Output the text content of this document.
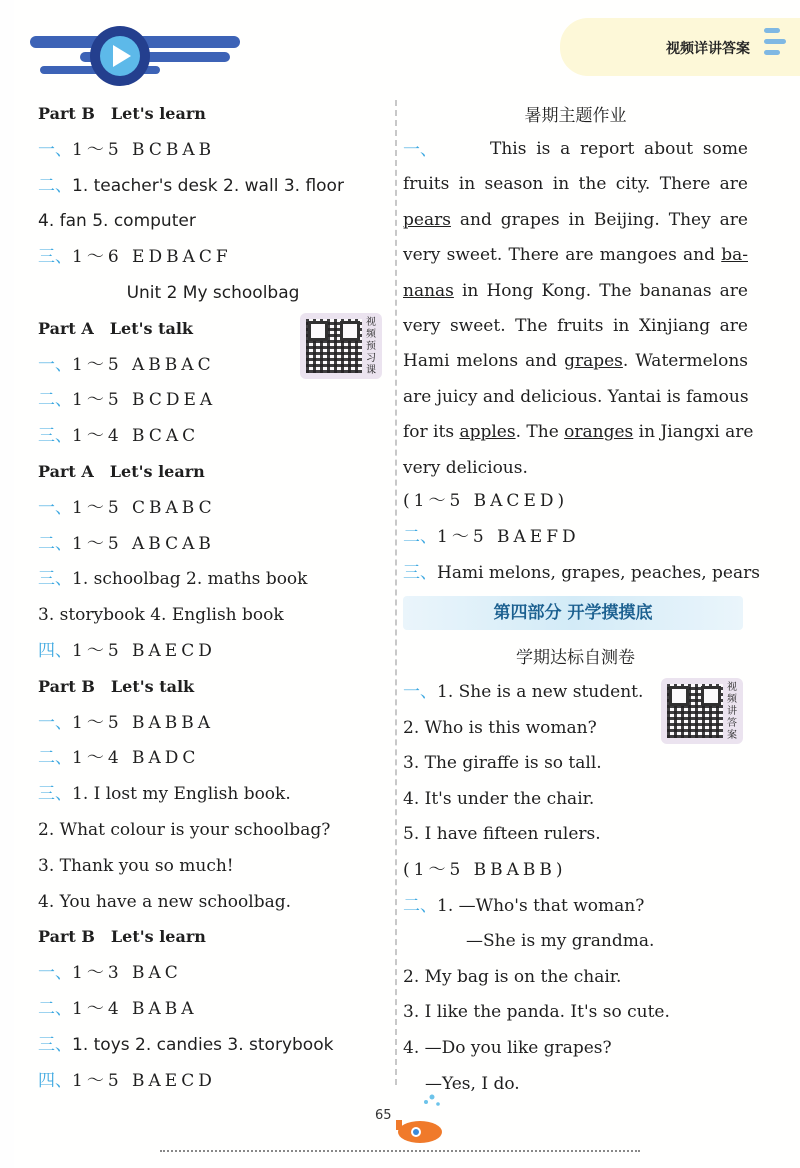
视频详讲答案
视频预习课
Part B Let's learn
一、1～5 BCBAB
二、1. teacher's desk 2. wall 3. floor
4. fan 5. computer
三、1～6 EDBACF
Unit 2 My schoolbag
Part A Let's talk
一、1～5 ABBAC
二、1～5 BCDEA
三、1～4 BCAC
Part A Let's learn
一、1～5 CBABC
二、1～5 ABCAB
三、1. schoolbag 2. maths book
3. storybook 4. English book
四、1～5 BAECD
Part B Let's talk
一、1～5 BABBA
二、1～4 BADC
三、1. I lost my English book.
2. What colour is your schoolbag?
3. Thank you so much!
4. You have a new schoolbag.
Part B Let's learn
一、1～3 BAC
二、1～4 BABA
三、1. toys 2. candies 3. storybook
四、1～5 BAECD
暑期主题作业
一、	This is a report about some
fruits in season in the city. There are
pears and grapes in Beijing. They are
very sweet. There are mangoes and ba-
nanas in Hong Kong. The bananas are
very sweet. The fruits in Xinjiang are
Hami melons and grapes. Watermelons
are juicy and delicious. Yantai is famous
for its apples. The oranges in Jiangxi are
very delicious.
第四部分 开学摸摸底
学期达标自测卷
视频讲答案
(1～5 BACED)
二、1～5 BAEFD
三、Hami melons, grapes, peaches, pears
一、1. She is a new student.
2. Who is this woman?
3. The giraffe is so tall.
4. It's under the chair.
5. I have fifteen rulers.
(1～5 BBABB)
二、1. —Who's that woman?
—She is my grandma.
2. My bag is on the chair.
3. I like the panda. It's so cute.
4. —Do you like grapes?
—Yes, I do.
65
